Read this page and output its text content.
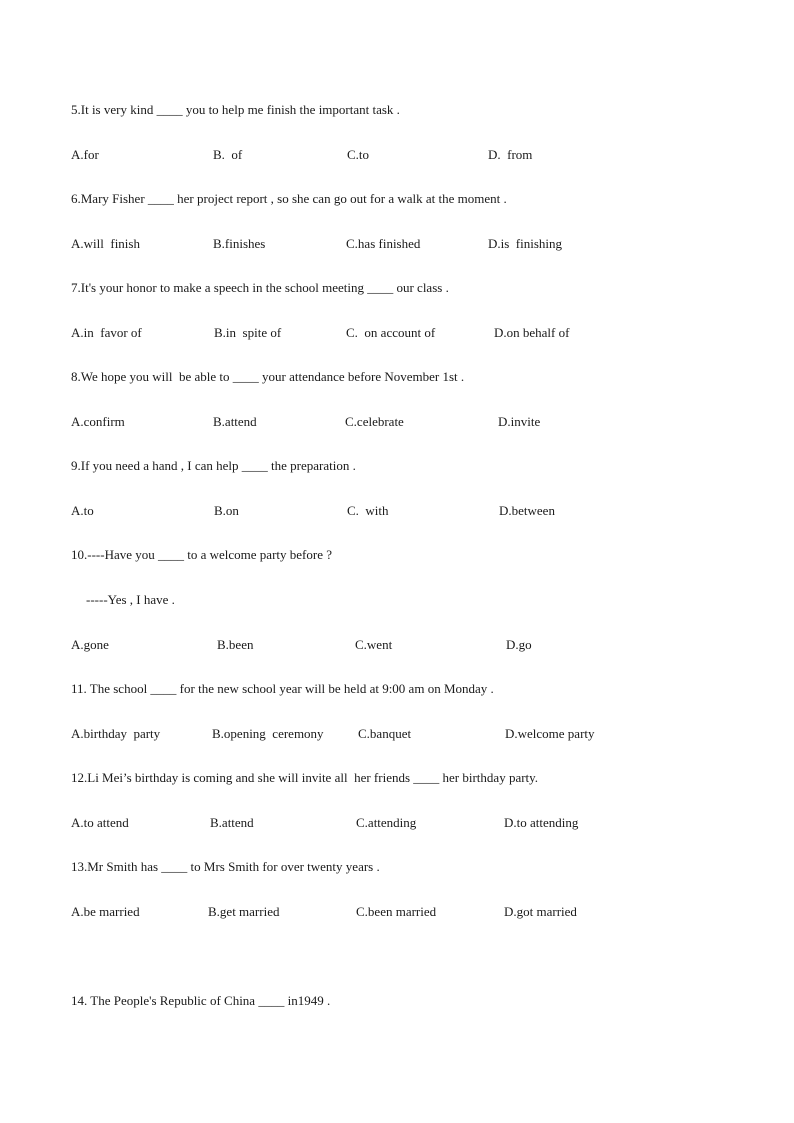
5.It is very kind ____ you to help me finish the important task .
A.for	B.  of	C.to	D.  from
6.Mary Fisher ____ her project report , so she can go out for a walk at the moment .
A.will  finish	B.finishes	C.has finished	D.is  finishing
7.It's your honor to make a speech in the school meeting ____ our class .
A.in  favor of	B.in  spite of	C.  on account of	D.on behalf of
8.We hope you will  be able to ____ your attendance before November 1st .
A.confirm	B.attend	C.celebrate	D.invite
9.If you need a hand , I can help ____ the preparation .
A.to	B.on	C.  with	D.between
10.----Have you ____ to a welcome party before ?
-----Yes , I have .
A.gone	B.been	C.went	D.go
11. The school ____ for the new school year will be held at 9:00 am on Monday .
A.birthday  party	B.opening  ceremony	C.banquet	D.welcome party
12.Li Mei’s birthday is coming and she will invite all  her friends ____ her birthday party.
A.to attend	B.attend	C.attending	D.to attending
13.Mr Smith has ____ to Mrs Smith for over twenty years .
A.be married	B.get married	C.been married	D.got married
14. The People's Republic of China ____ in1949 .
